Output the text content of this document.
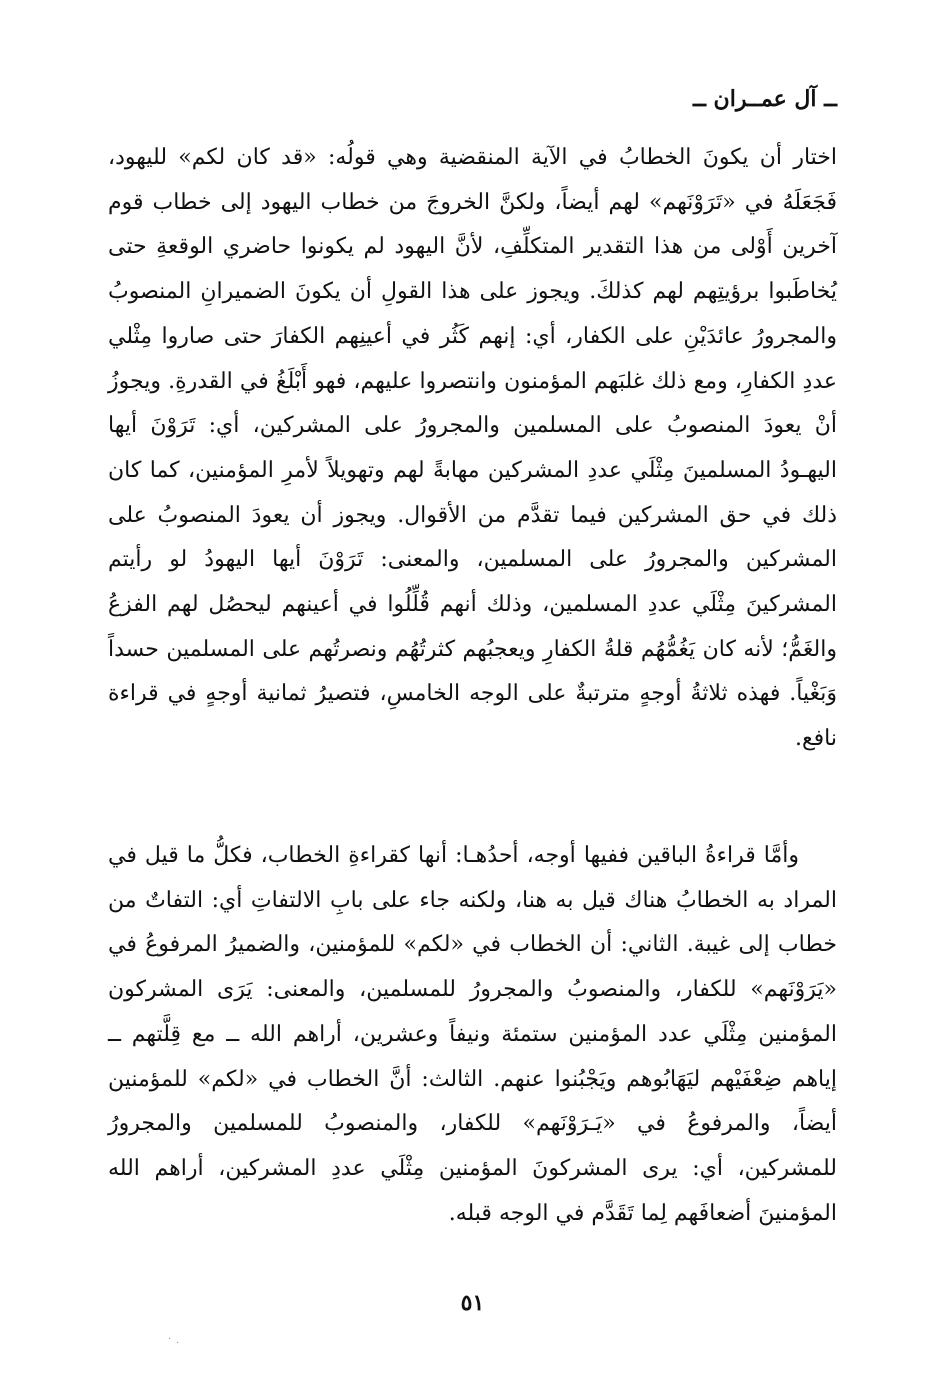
ــ آل عمــران ــ

اختار أن يكونَ الخطابُ في الآية المنقضية وهي قولُه: «قد كان لكم» لليهود، فَجَعَلَهُ في «تَرَوْنَهم» لهم أيضاً، ولكنَّ الخروجَ من خطاب اليهود إلى خطاب قوم آخرين أَوْلى من هذا التقدير المتكلِّفِ، لأنَّ اليهود لم يكونوا حاضري الوقعةِ حتى يُخاطَبوا برؤيتِهم لهم كذلكَ. ويجوز على هذا القولِ أن يكونَ الضميرانِ المنصوبُ والمجرورُ عائدَيْنِ على الكفار، أي: إنهم كَثُر في أعينِهم الكفارَ حتى صاروا مِثْلي عددِ الكفارِ، ومع ذلك غلبَهم المؤمنون وانتصروا عليهم، فهو أَبْلَغُ في القدرةِ. ويجوزُ أنْ يعودَ المنصوبُ على المسلمين والمجرورُ على المشركين، أي: تَرَوْنَ أيها اليهـودُ المسلمينَ مِثْلَي عددِ المشركين مهابةً لهم وتهويلاً لأمرِ المؤمنين، كما كان ذلك في حق المشركين فيما تقدَّم من الأقوال. ويجوز أن يعودَ المنصوبُ على المشركين والمجرورُ على المسلمين، والمعنى: تَرَوْنَ أيها اليهودُ لو رأيتم المشركينَ مِثْلَي عددِ المسلمين، وذلك أنهم قُلِّلُوا في أعينهم ليحصُل لهم الفزعُ والغَمُّ؛ لأنه كان يَغُمُّهُم قلةُ الكفارِ ويعجبُهم كثرتُهُم ونصرتُهم على المسلمين حسداً وَبَغْياً. فهذه ثلاثةُ أوجهٍ مترتبةٌ على الوجه الخامسِ، فتصيرُ ثمانية أوجهٍ في قراءة نافع.

وأمَّا قراءةُ الباقين ففيها أوجه، أحدُهـا: أنها كقراءةِ الخطاب، فكلُّ ما قيل في المراد به الخطابُ هناك قيل به هنا، ولكنه جاء على بابِ الالتفاتِ أي: التفاتٌ من خطاب إلى غيبة. الثاني: أن الخطاب في «لكم» للمؤمنين، والضميرُ المرفوعُ في «يَرَوْنَهم» للكفار، والمنصوبُ والمجرورُ للمسلمين، والمعنى: يَرَى المشركون المؤمنين مِثْلَي عدد المؤمنين ستمئة ونيفاً وعشرين، أراهم الله ــ مع قِلَّتهم ــ إياهم ضِعْفَيْهم ليَهَابُوهم ويَجْبُنوا عنهم. الثالث: أنَّ الخطاب في «لكم» للمؤمنين أيضاً، والمرفوعُ في «يَـرَوْنَهم» للكفار، والمنصوبُ للمسلمين والمجرورُ للمشركين، أي: يرى المشركونَ المؤمنين مِثْلَي عددِ المشركين، أراهم الله المؤمنينَ أضعافَهم لِما تَقَدَّم في الوجه قبله.

٥١
·
·
